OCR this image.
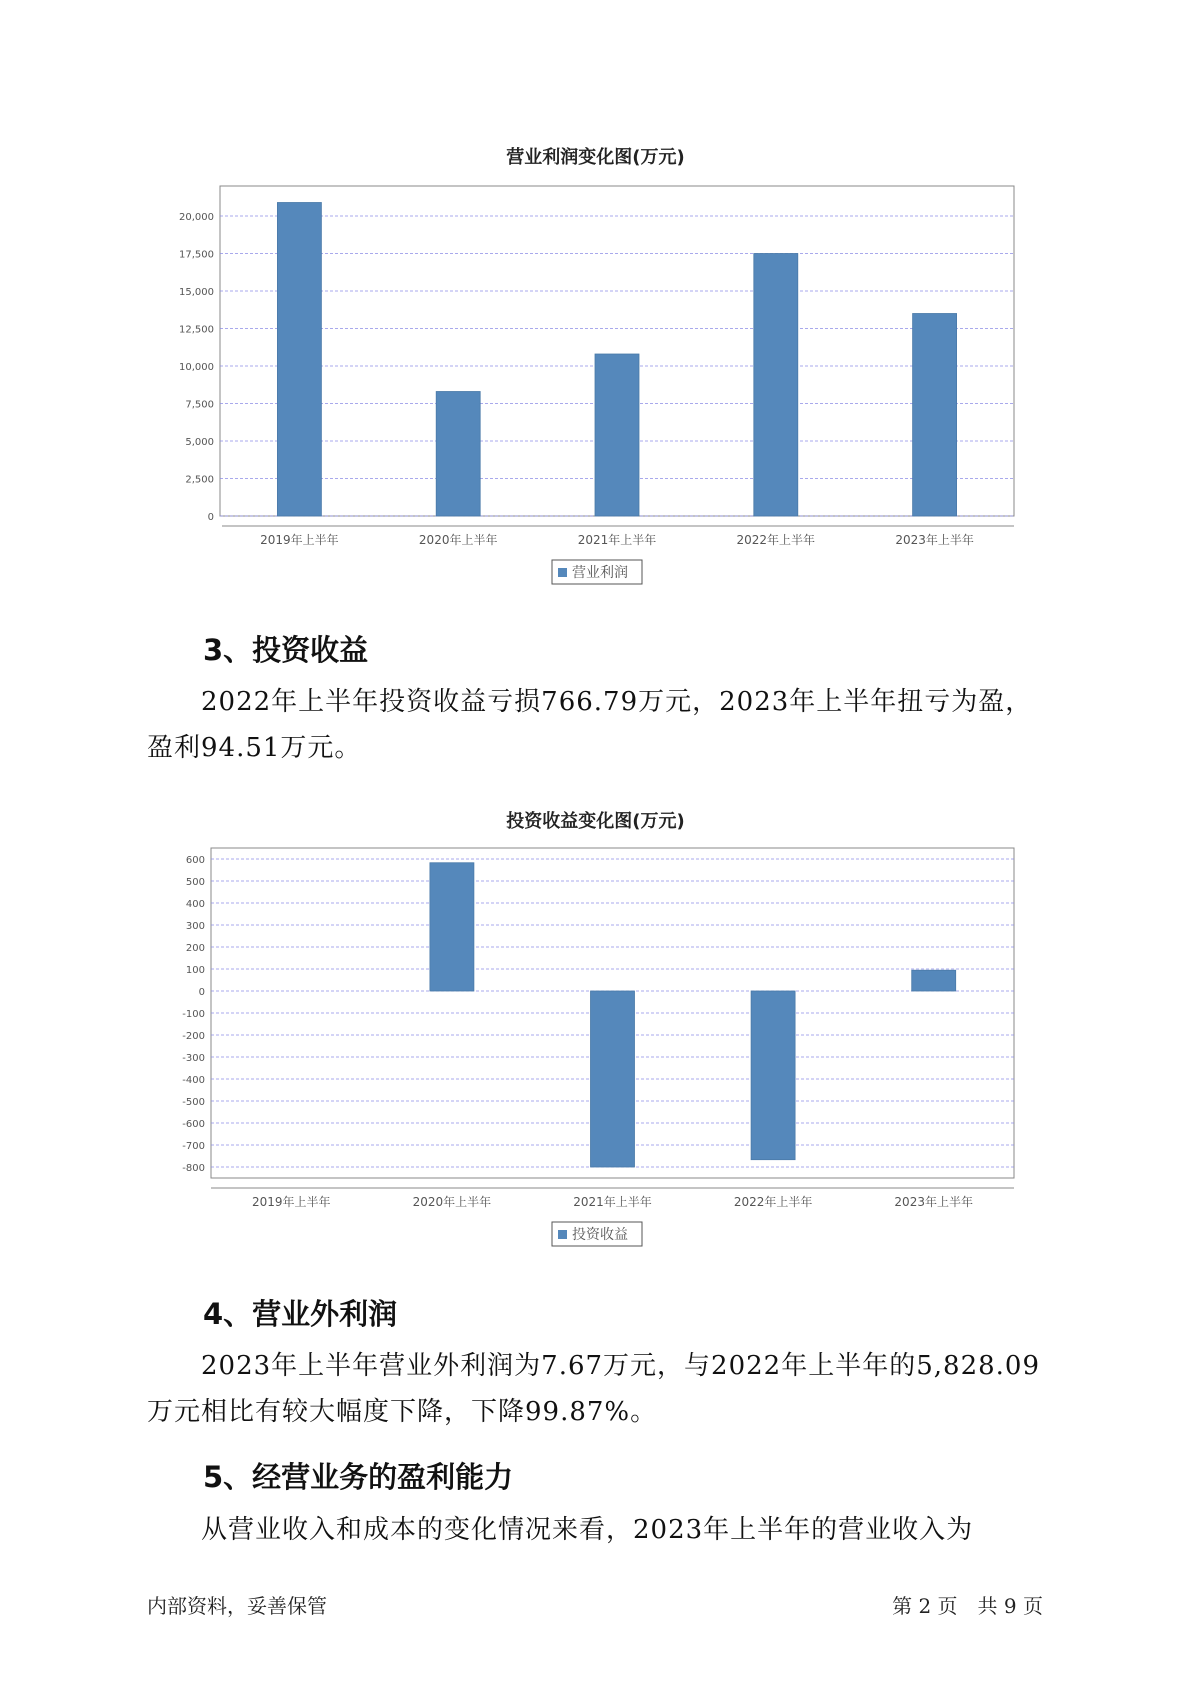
营业利润变化图(万元)
0
2,500
5,000
7,500
10,000
12,500
15,000
17,500
20,000
2019年上半年	2020年上半年	2021年上半年	2022年上半年	2023年上半年
营业利润
3、投资收益

2022年上半年投资收益亏损766.79万元，2023年上半年扭亏为盈，盈利94.51万元。

投资收益变化图(万元)
600
500
400
300
200
100
0
-100
-200
-300
-400
-500
-600
-700
-800
2019年上半年	2020年上半年	2021年上半年	2022年上半年	2023年上半年
投资收益
4、营业外利润

2023年上半年营业外利润为7.67万元，与2022年上半年的5,828.09万元相比有较大幅度下降，下降99.87%。

5、经营业务的盈利能力

从营业收入和成本的变化情况来看，2023年上半年的营业收入为

内部资料，妥善保管	第 2 页　共 9 页
